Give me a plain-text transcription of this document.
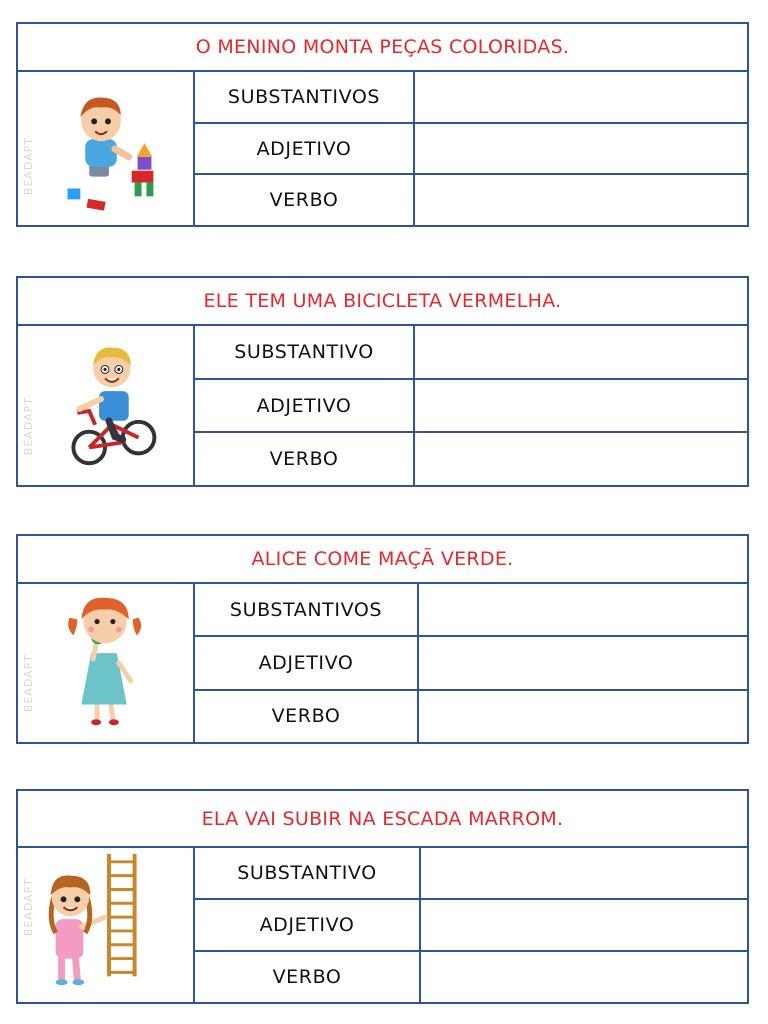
O MENINO MONTA PEÇAS COLORIDAS.
BÉADAPT
SUBSTANTIVOS
ADJETIVO
VERBO
ELE TEM UMA BICICLETA VERMELHA.
BÉADAPT
SUBSTANTIVO
ADJETIVO
VERBO
ALICE COME MAÇÃ VERDE.
BÉADAPT
SUBSTANTIVOS
ADJETIVO
VERBO
ELA VAI SUBIR NA ESCADA MARROM.
BÉADAPT
SUBSTANTIVO
ADJETIVO
VERBO
